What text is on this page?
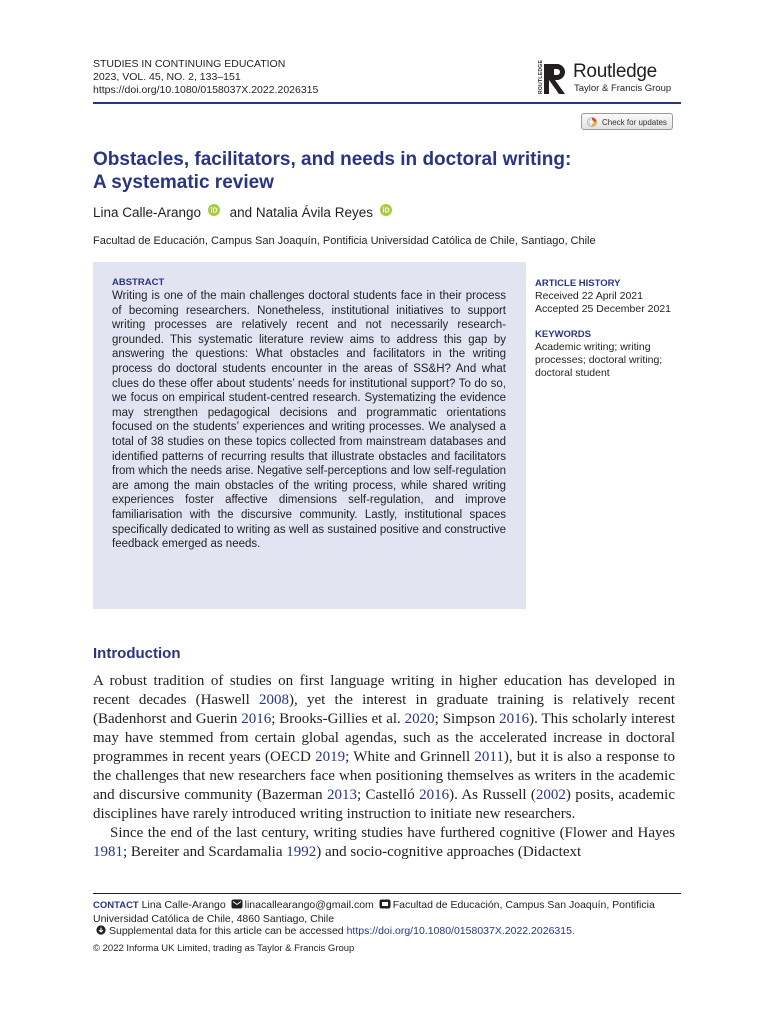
STUDIES IN CONTINUING EDUCATION
2023, VOL. 45, NO. 2, 133–151
https://doi.org/10.1080/0158037X.2022.2026315	ROUTLEDGE Routledge
Taylor & Francis Group
Check for updates
Obstacles, facilitators, and needs in doctoral writing:
A systematic review
Lina Calle-Arango iD and Natalia Ávila Reyes iD
Facultad de Educación, Campus San Joaquín, Pontificia Universidad Católica de Chile, Santiago, Chile
ABSTRACT
Writing is one of the main challenges doctoral students face in their process of becoming researchers. Nonetheless, institutional initiatives to support writing processes are relatively recent and not necessarily research-grounded. This systematic literature review aims to address this gap by answering the questions: What obstacles and facilitators in the writing process do doctoral students encounter in the areas of SS&H? And what clues do these offer about students’ needs for institutional support? To do so, we focus on empirical student-centred research. Systematizing the evidence may strengthen pedagogical decisions and programmatic orientations focused on the students’ experiences and writing processes. We analysed a total of 38 studies on these topics collected from mainstream databases and identified patterns of recurring results that illustrate obstacles and facilitators from which the needs arise. Negative self-perceptions and low self-regulation are among the main obstacles of the writing process, while shared writing experiences foster affective dimensions self-regulation, and improve familiarisation with the discursive community. Lastly, institutional spaces specifically dedicated to writing as well as sustained positive and constructive feedback emerged as needs.
ARTICLE HISTORY
Received 22 April 2021
Accepted 25 December 2021
KEYWORDS
Academic writing; writing processes; doctoral writing; doctoral student
Introduction

A robust tradition of studies on first language writing in higher education has developed in recent decades (Haswell 2008), yet the interest in graduate training is relatively recent (Badenhorst and Guerin 2016; Brooks-Gillies et al. 2020; Simpson 2016). This scholarly interest may have stemmed from certain global agendas, such as the accelerated increase in doctoral programmes in recent years (OECD 2019; White and Grinnell 2011), but it is also a response to the challenges that new researchers face when positioning themselves as writers in the academic and discursive community (Bazerman 2013; Castelló 2016). As Russell (2002) posits, academic disciplines have rarely introduced writing instruction to initiate new researchers.

Since the end of the last century, writing studies have furthered cognitive (Flower and Hayes 1981; Bereiter and Scardamalia 1992) and socio-cognitive approaches (Didactext

CONTACT Lina Calle-Arango linacallearango@gmail.com Facultad de Educación, Campus San Joaquín, Pontificia Universidad Católica de Chile, 4860 Santiago, Chile
Supplemental data for this article can be accessed https://doi.org/10.1080/0158037X.2022.2026315.
© 2022 Informa UK Limited, trading as Taylor & Francis Group
